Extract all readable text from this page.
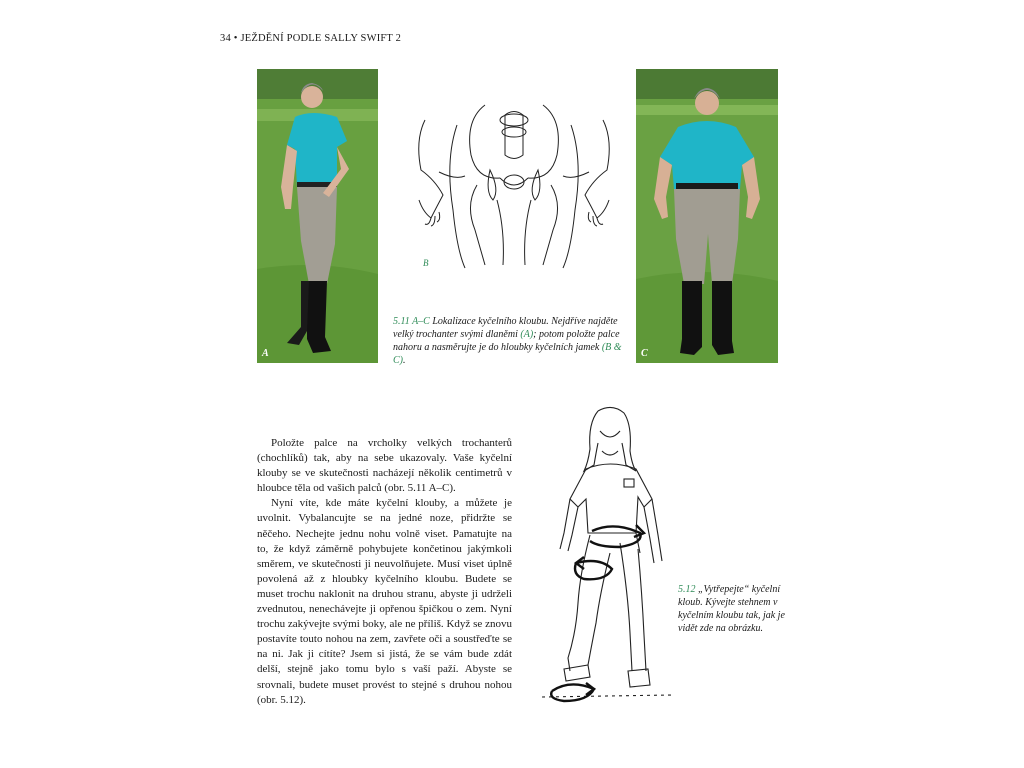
34 • JEŽDĚNÍ PODLE SALLY SWIFT 2
A
B
C
5.11 A–C Lokalizace kyčelního kloubu. Nejdříve najděte velký trochanter svými dlaněmi (A); potom položte palce nahoru a nasměrujte je do hloubky kyčelních jamek (B & C).

Položte palce na vrcholky velkých trochanterů (chochlíků) tak, aby na sebe ukazovaly. Vaše kyčelní klouby se ve skutečnosti nacházejí několik centimetrů v hloubce těla od vašich palců (obr. 5.11 A–C).

Nyní víte, kde máte kyčelní klouby, a můžete je uvolnit. Vybalancujte se na jedné noze, přidržte se něčeho. Nechejte jednu nohu volně viset. Pamatujte na to, že když záměrně pohybujete končetinou jakýmkoli směrem, ve skutečnosti ji neuvolňujete. Musí viset úplně povolená až z hloubky kyčelního kloubu. Budete se muset trochu naklonit na druhou stranu, abyste ji udrželi zvednutou, nenechávejte ji opřenou špičkou o zem. Nyní trochu zakývejte svými boky, ale ne příliš. Když se znovu postavíte touto nohou na zem, zavřete oči a soustřeďte se na ni. Jak ji cítíte? Jsem si jistá, že se vám bude zdát delší, stejně jako tomu bylo s vaší paží. Abyste se srovnali, budete muset provést to stejné s druhou nohou (obr. 5.12).

5.12 „Vytřepejte“ kyčelní kloub. Kývejte stehnem v kyčelním kloubu tak, jak je vidět zde na obrázku.
